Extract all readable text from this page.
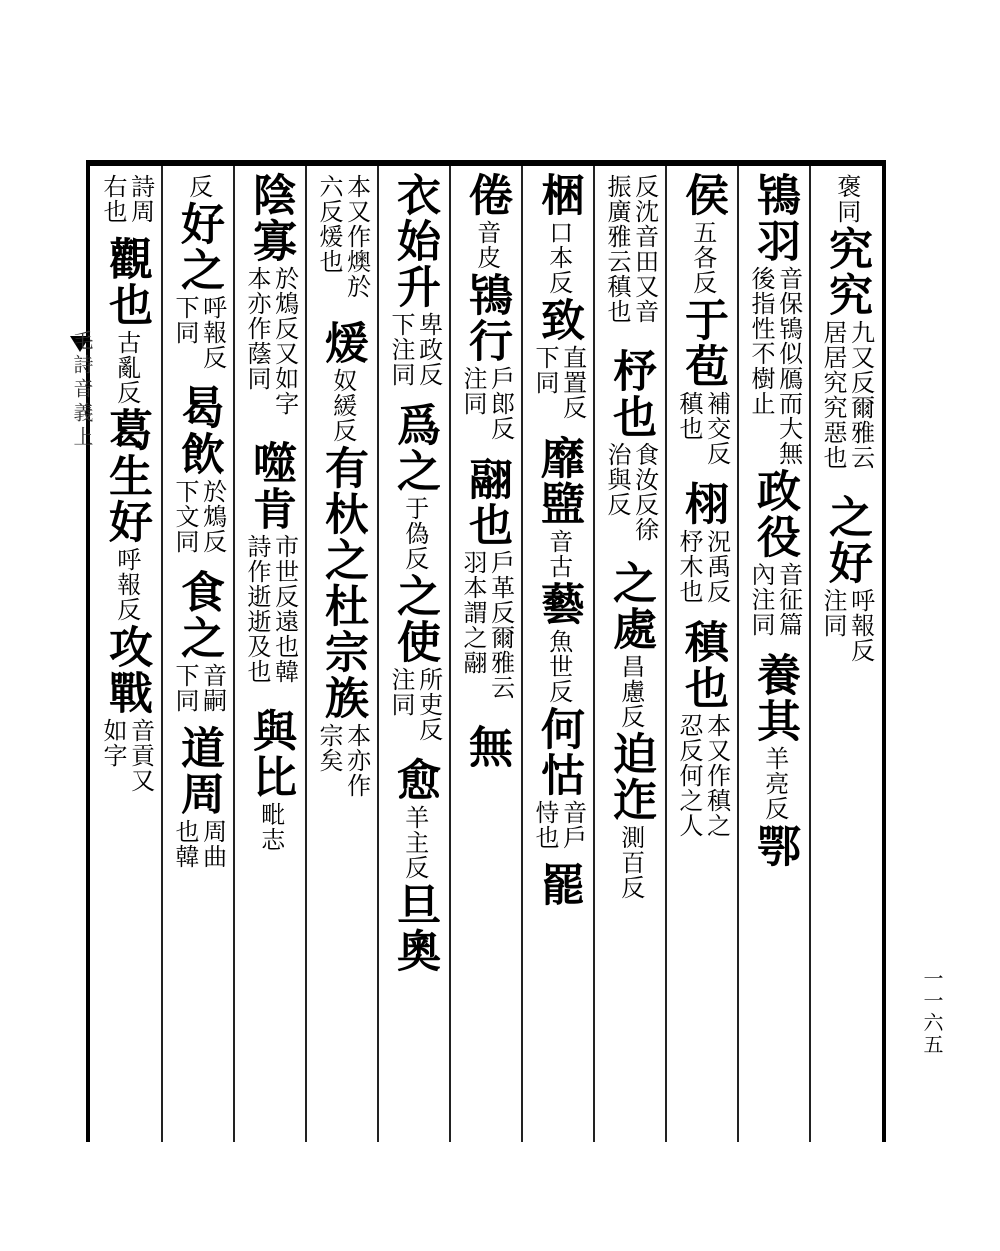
褒同
究究
九又反爾雅云居居究究惡也
之好
呼報反注同
鴇羽
音保鴇似鴈而大無後指性不樹止
政役
音征篇內注同
養其
羊亮反
鄂
侯
五各反
于苞
補交反稹也
栩
況禹反杼木也
稹也
本又作稹之忍反何之人
反沈音田又音振廣雅云稹也
杼也
食汝反徐治與反
之處
昌慮反
迫迮
測百反
梱
口本反
致
直置反下同
靡盬
音古
藝
魚世反
何怙
音戶恃也
罷
倦
音皮
鴇行
戶郎反注同
翮也
戶革反爾雅云羽本謂之翮
無
衣始升
卑政反下注同
爲之
于偽反
之使
所吏反注同
愈
羊主反
旦奧
本又作燠於六反煖也
煖
奴緩反
有杕之杜宗族
本亦作宗矣
陰寡
於鴆反又如字本亦作蔭同
噬肯
市世反遠也韓詩作逝逝及也
與比
毗志
反
好之
呼報反下同
曷飲
於鴆反下文同
食之
音嗣下同
道周
周曲也韓
詩周右也
觀也
古亂反
葛生好
呼報反
攻戰
音貢又如字
毛詩音義上
一一六五
